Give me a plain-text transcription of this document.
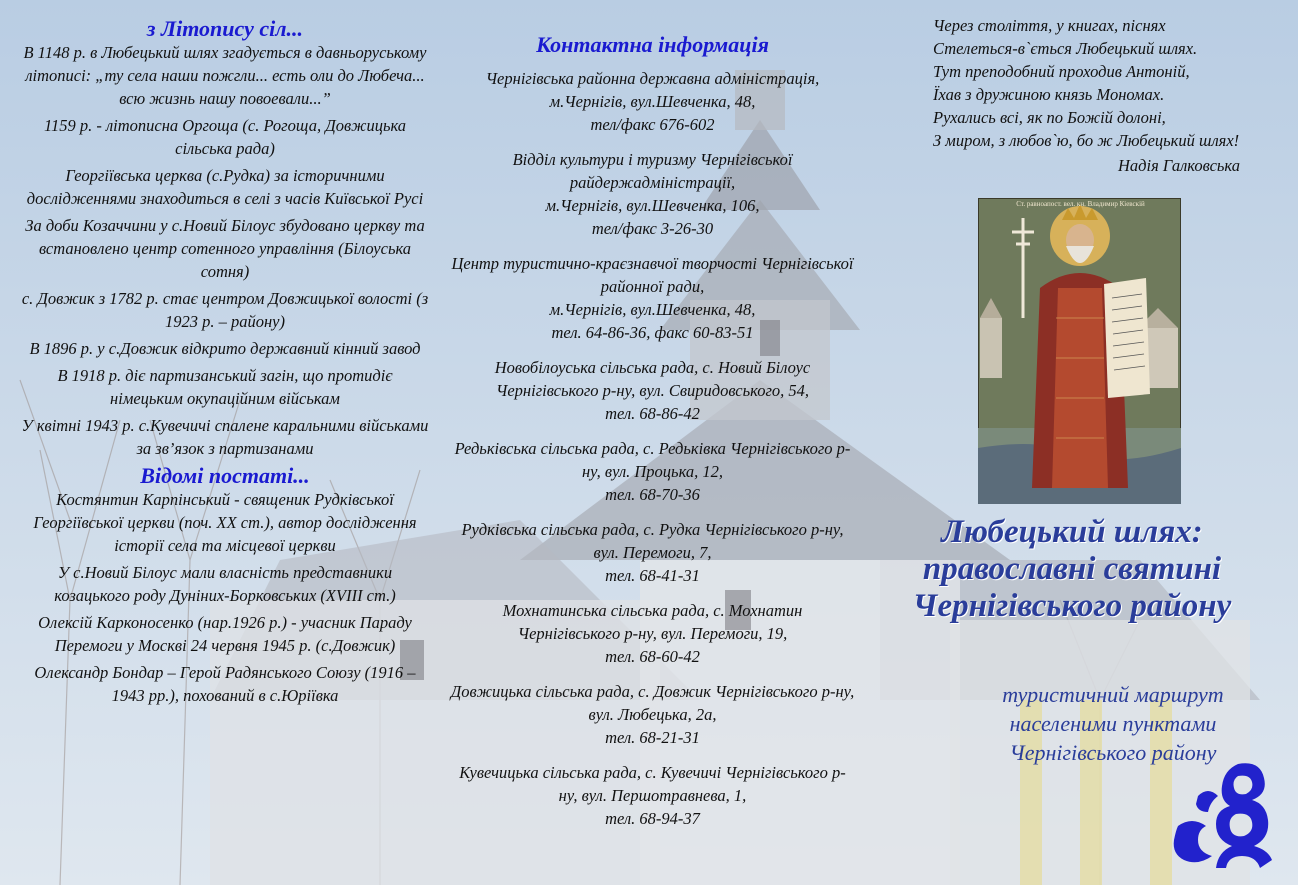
з Літопису сіл...

В 1148 р. в Любецький шлях згадується в давньоруському літописі: „ту села наши пожгли... есть оли до Любеча... всю жизнь нашу повоевали...”

1159 р. - літописна Оргоща (с. Рогоща, Довжицька сільська рада)

Георгіївська церква (с.Рудка) за історичними дослідженнями знаходиться в селі з часів Київської Русі

За доби Козаччини у с.Новий Білоус збудовано церкву та встановлено центр сотенного управління (Білоуська сотня)

с. Довжик з 1782 р. стає центром Довжицької волості (з 1923 р. – району)

В 1896 р. у с.Довжик відкрито державний кінний завод

В 1918 р. діє партизанський загін, що протидіє німецьким окупаційним військам

У квітні 1943 р. с.Кувечичі спалене каральними військами за зв’язок з партизанами

Відомі постаті...

Костянтин Карпінський - священик Рудківської Георгіївської церкви (поч. ХХ ст.), автор дослідження історії села та місцевої церкви

У с.Новий Білоус мали власність представники козацького роду Дуніних-Борковських (XVIII ст.)

Олексій Карконосенко (нар.1926 р.) - учасник Параду Перемоги у Москві 24 червня 1945 р. (с.Довжик)

Олександр Бондар – Герой Радянського Союзу (1916 – 1943 рр.), похований в с.Юріївка

Контактна інформація

Чернігівська районна державна адміністрація,
м.Чернігів, вул.Шевченка, 48,
тел/факс 676-602

Відділ культури і туризму Чернігівської райдержадміністрації,
м.Чернігів, вул.Шевченка, 106,
тел/факс 3-26-30

Центр туристично-краєзнавчої творчості Чернігівської районної ради,
м.Чернігів, вул.Шевченка, 48,
тел. 64-86-36, факс 60-83-51

Новобілоуська сільська рада, с. Новий Білоус Чернігівського р-ну, вул. Свиридовського, 54,
тел. 68-86-42

Редьківська сільська рада, с. Редьківка Чернігівського р-ну, вул. Процька, 12,
тел. 68-70-36

Рудківська сільська рада, с. Рудка Чернігівського р-ну, вул. Перемоги, 7,
тел. 68-41-31

Мохнатинська сільська рада, с. Мохнатин Чернігівського р-ну, вул. Перемоги, 19,
тел. 68-60-42

Довжицька сільська рада, с. Довжик Чернігівського р-ну, вул. Любецька, 2а,
тел. 68-21-31

Кувечицька сільська рада, с. Кувечичі Чернігівського р-ну, вул. Першотравнева, 1,
тел. 68-94-37

Через століття, у книгах, піснях
Стелеться-в`ється Любецький шлях.
Тут преподобний проходив Антоній,
Їхав з дружиною князь Мономах.
Рухались всі, як по Божій долоні,
З миром, з любов`ю, бо ж Любецький шлях!

Надія Галковська

Ст. равноапост. вел. кн. Владимир Кіевскій
Любецький шлях:
православні святині
Чернігівського району
туристичний маршрут
населеними пунктами
Чернігівського району
